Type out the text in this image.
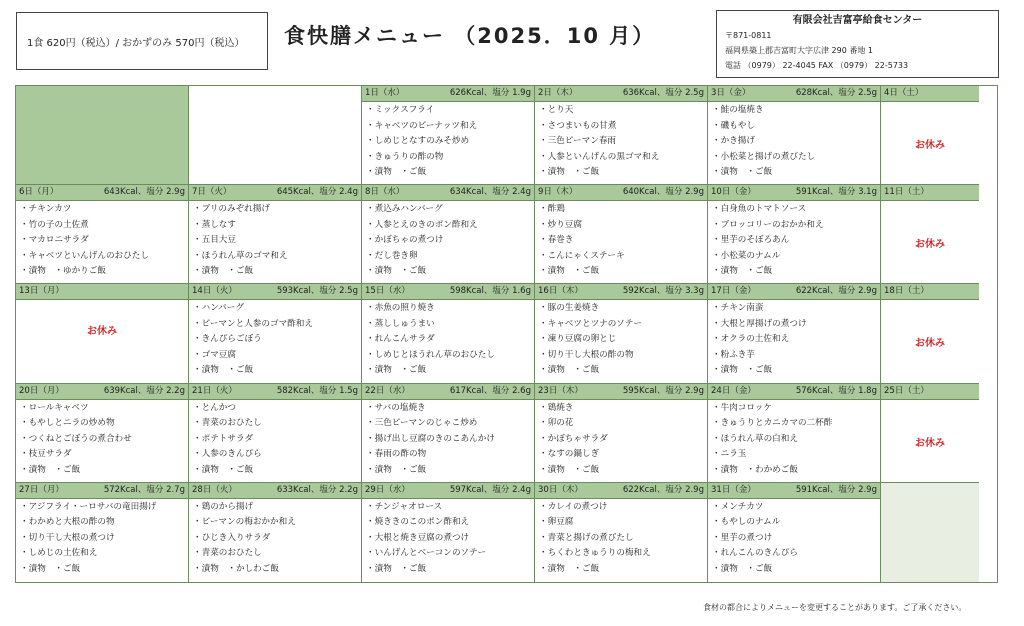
1食 620円（税込）/ おかずのみ 570円（税込） 食快膳メニュー （2025．10 月）
有限会社吉富亭給食センター
〒871-0811
福岡県築上郡吉富町大字広津 290 番地 1
電話 （0979） 22-4045 FAX （0979） 22-5733
1日（水）	626Kcal、塩分 1.9g
・ミックスフライ
・キャベツのピーナッツ和え
・しめじとなすのみそ炒め
・きゅうりの酢の物
・漬物　・ご飯
2日（木）	636Kcal、塩分 2.5g
・とり天
・さつまいもの甘煮
・三色ピーマン春雨
・人参といんげんの黒ゴマ和え
・漬物　・ご飯
3日（金）	628Kcal、塩分 2.5g
・鮭の塩焼き
・磯もやし
・かき揚げ
・小松菜と揚げの煮びたし
・漬物　・ご飯
4日（土）
お休み
6日（月）	643Kcal、塩分 2.9g
・チキンカツ
・竹の子の土佐煮
・マカロニサラダ
・キャベツといんげんのおひたし
・漬物　・ゆかりご飯
7日（火）	645Kcal、塩分 2.4g
・ブリのみぞれ揚げ
・蒸しなす
・五目大豆
・ほうれん草のゴマ和え
・漬物　・ご飯
8日（水）	634Kcal、塩分 2.4g
・煮込みハンバーグ
・人参とえのきのポン酢和え
・かぼちゃの煮つけ
・だし巻き卵
・漬物　・ご飯
9日（木）	640Kcal、塩分 2.9g
・酢鶏
・炒り豆腐
・春巻き
・こんにゃくステーキ
・漬物　・ご飯
10日（金）	591Kcal、塩分 3.1g
・白身魚のトマトソース
・ブロッコリーのおかか和え
・里芋のそぼろあん
・小松菜のナムル
・漬物　・ご飯
11日（土）
お休み
13日（月）
お休み
14日（火）	593Kcal、塩分 2.5g
・ハンバーグ
・ピーマンと人参のゴマ酢和え
・きんぴらごぼう
・ゴマ豆腐
・漬物　・ご飯
15日（水）	598Kcal、塩分 1.6g
・赤魚の照り焼き
・蒸ししゅうまい
・れんこんサラダ
・しめじとほうれん草のおひたし
・漬物　・ご飯
16日（木）	592Kcal、塩分 3.3g
・豚の生姜焼き
・キャベツとツナのソテー
・凍り豆腐の卵とじ
・切り干し大根の酢の物
・漬物　・ご飯
17日（金）	622Kcal、塩分 2.9g
・チキン南蛮
・大根と厚揚げの煮つけ
・オクラの土佐和え
・粉ふき芋
・漬物　・ご飯
18日（土）
お休み
20日（月）	639Kcal、塩分 2.2g
・ロールキャベツ
・もやしとニラの炒め物
・つくねとごぼうの煮合わせ
・枝豆サラダ
・漬物　・ご飯
21日（火）	582Kcal、塩分 1.5g
・とんかつ
・青菜のおひたし
・ポテトサラダ
・人参のきんぴら
・漬物　・ご飯
22日（水）	617Kcal、塩分 2.6g
・サバの塩焼き
・三色ピーマンのじゃこ炒め
・揚げ出し豆腐のきのこあんかけ
・春雨の酢の物
・漬物　・ご飯
23日（木）	595Kcal、塩分 2.9g
・鶏焼き
・卯の花
・かぼちゃサラダ
・なすの鍋しぎ
・漬物　・ご飯
24日（金）	576Kcal、塩分 1.8g
・牛肉コロッケ
・きゅうりとカニカマの二杯酢
・ほうれん草の白和え
・ニラ玉
・漬物　・わかめご飯
25日（土）
お休み
27日（月）	572Kcal、塩分 2.7g
・アジフライ・ーロサバの竜田揚げ
・わかめと大根の酢の物
・切り干し大根の煮つけ
・しめじの土佐和え
・漬物　・ご飯
28日（火）	633Kcal、塩分 2.2g
・鶏のから揚げ
・ピーマンの梅おかか和え
・ひじき入りサラダ
・青菜のおひたし
・漬物　・かしわご飯
29日（水）	597Kcal、塩分 2.4g
・チンジャオロース
・焼ききのこのポン酢和え
・大根と焼き豆腐の煮つけ
・いんげんとベーコンのソテー
・漬物　・ご飯
30日（木）	622Kcal、塩分 2.9g
・カレイの煮つけ
・卵豆腐
・青菜と揚げの煮びたし
・ちくわときゅうりの梅和え
・漬物　・ご飯
31日（金）	591Kcal、塩分 2.9g
・メンチカツ
・もやしのナムル
・里芋の煮つけ
・れんこんのきんぴら
・漬物　・ご飯
食材の都合によりメニューを変更することがあります。ご了承ください。
